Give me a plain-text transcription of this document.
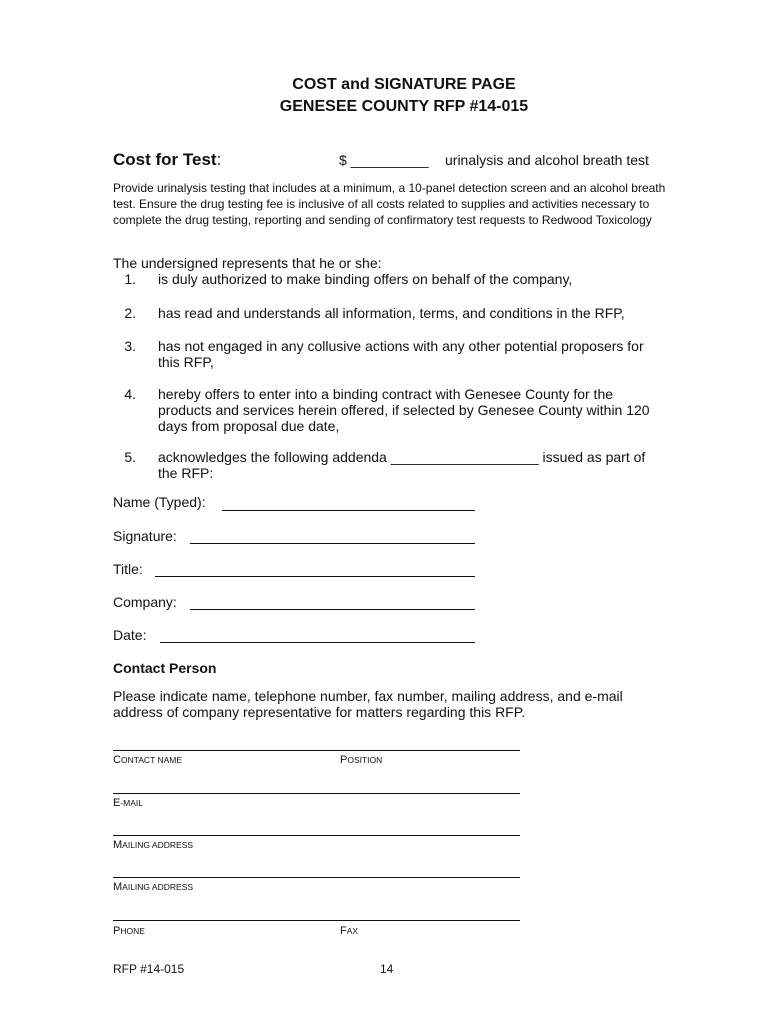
COST and SIGNATURE PAGE
GENESEE COUNTY RFP #14-015
Cost for Test:	$ __________ urinalysis and alcohol breath test
Provide urinalysis testing that includes at a minimum, a 10-panel detection screen and an alcohol breath
test. Ensure the drug testing fee is inclusive of all costs related to supplies and activities necessary to
complete the drug testing, reporting and sending of confirmatory test requests to Redwood Toxicology
The undersigned represents that he or she:
1. is duly authorized to make binding offers on behalf of the company,
2. has read and understands all information, terms, and conditions in the RFP,
3. has not engaged in any collusive actions with any other potential proposers for
this RFP,
4. hereby offers to enter into a binding contract with Genesee County for the
products and services herein offered, if selected by Genesee County within 120
days from proposal due date,
5. acknowledges the following addenda ___________________ issued as part of
the RFP:
Name (Typed):
Signature:
Title:
Company:
Date:
Contact Person
Please indicate name, telephone number, fax number, mailing address, and e-mail
address of company representative for matters regarding this RFP.
CONTACT NAME	POSITION
E-MAIL
MAILING ADDRESS
MAILING ADDRESS
PHONE	FAX
RFP #14-015	14
